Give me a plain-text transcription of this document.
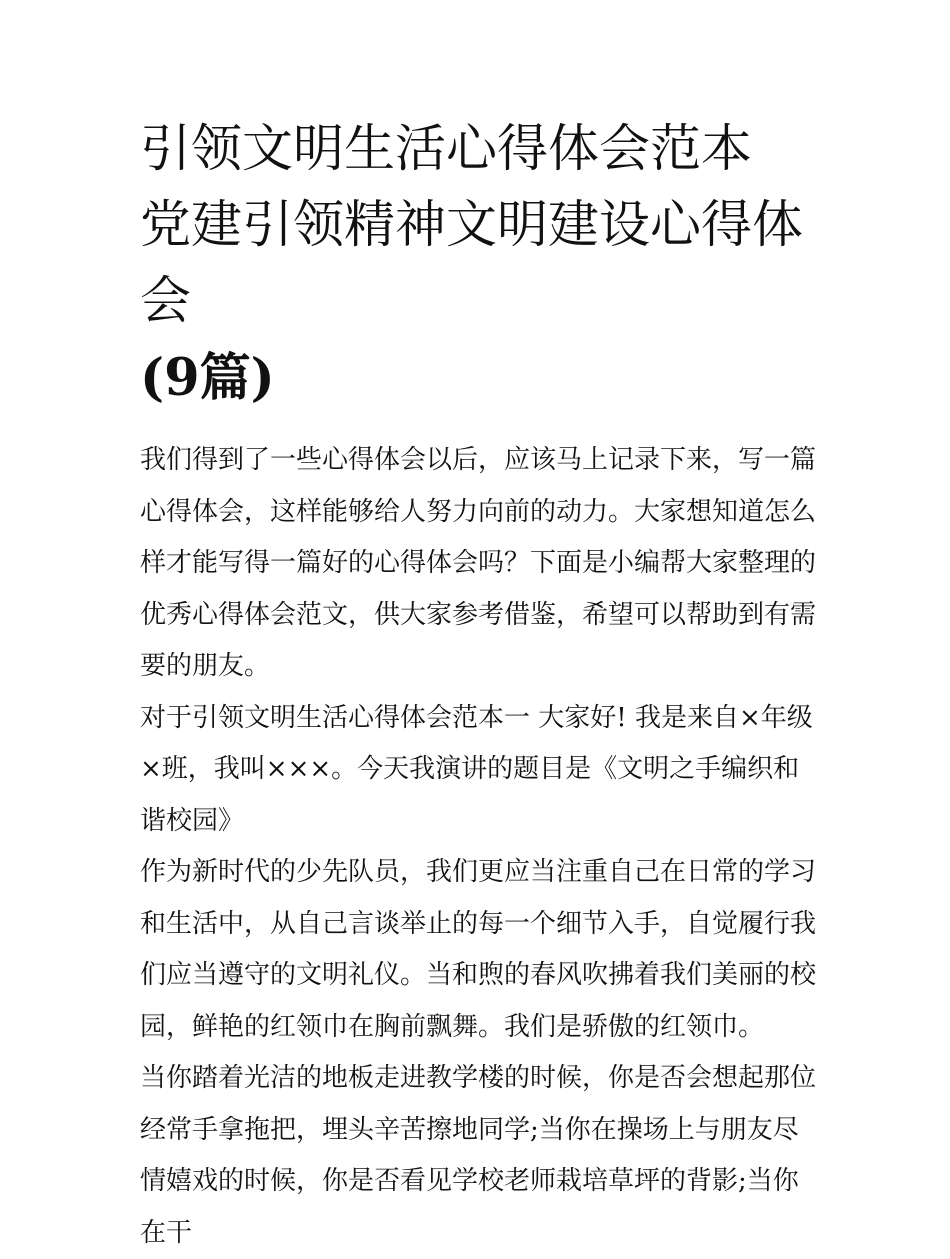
引领文明生活心得体会范本 党建引领精神文明建设心得体会
(9篇)

我们得到了一些心得体会以后，应该马上记录下来，写一篇心得体会，这样能够给人努力向前的动力。大家想知道怎么样才能写得一篇好的心得体会吗？下面是小编帮大家整理的优秀心得体会范文，供大家参考借鉴，希望可以帮助到有需要的朋友。

对于引领文明生活心得体会范本一 大家好! 我是来自×年级×班，我叫×××。今天我演讲的题目是《文明之手编织和谐校园》

作为新时代的少先队员，我们更应当注重自己在日常的学习和生活中，从自己言谈举止的每一个细节入手，自觉履行我们应当遵守的文明礼仪。当和煦的春风吹拂着我们美丽的校园，鲜艳的红领巾在胸前飘舞。我们是骄傲的红领巾。

当你踏着光洁的地板走进教学楼的时候，你是否会想起那位经常手拿拖把，埋头辛苦擦地同学;当你在操场上与朋友尽情嬉戏的时候，你是否看见学校老师栽培草坪的背影;当你在干
